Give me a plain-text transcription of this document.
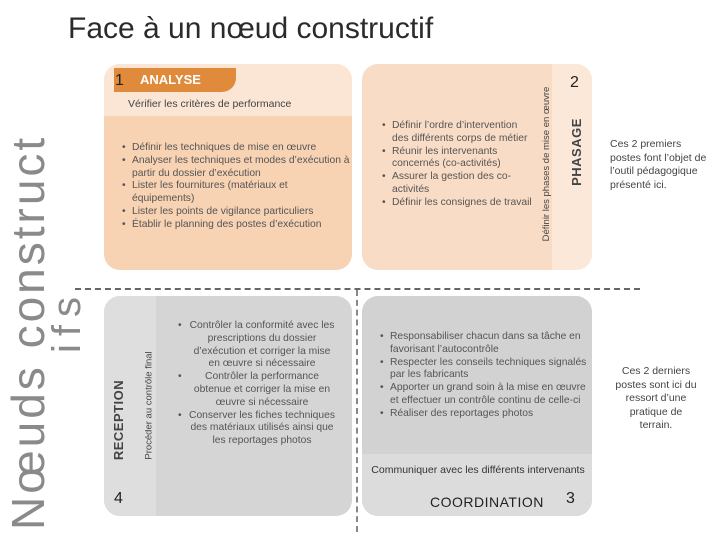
Nœuds construct
ifs
Face à un nœud constructif
ANALYSE
1
Vérifier les critères de performance
• Définir les techniques de mise en œuvre
• Analyser les techniques et modes d’exécution à partir du dossier d’exécution
• Lister les fournitures (matériaux et équipements)
• Lister les points de vigilance particuliers
• Établir le planning des postes d’exécution
• Définir l’ordre d’intervention des différents corps de métier
• Réunir les intervenants concernés (co-activités)
• Assurer la gestion des co-activités
• Définir les consignes de travail Définir les phases de mise en œuvre PHASAGE
2
Ces 2 premiers postes font l’objet de l’outil pédagogique présenté ici.
Ces 2 derniers postes sont ici du ressort d’une pratique de terrain.
RECEPTION	Procéder au contrôle final
4
• Contrôler la conformité avec les prescriptions du dossier d’exécution et corriger la mise en œuvre si nécessaire
• Contrôler la performance obtenue et corriger la mise en œuvre si nécessaire
• Conserver les fiches techniques des matériaux utilisés ainsi que les reportages photos
• Responsabiliser chacun dans sa tâche en favorisant l’autocontrôle
• Respecter les conseils techniques signalés par les fabricants
• Apporter un grand soin à la mise en œuvre et effectuer un contrôle continu de celle-ci
• Réaliser des reportages photos
Communiquer avec les différents intervenants
COORDINATION 3
